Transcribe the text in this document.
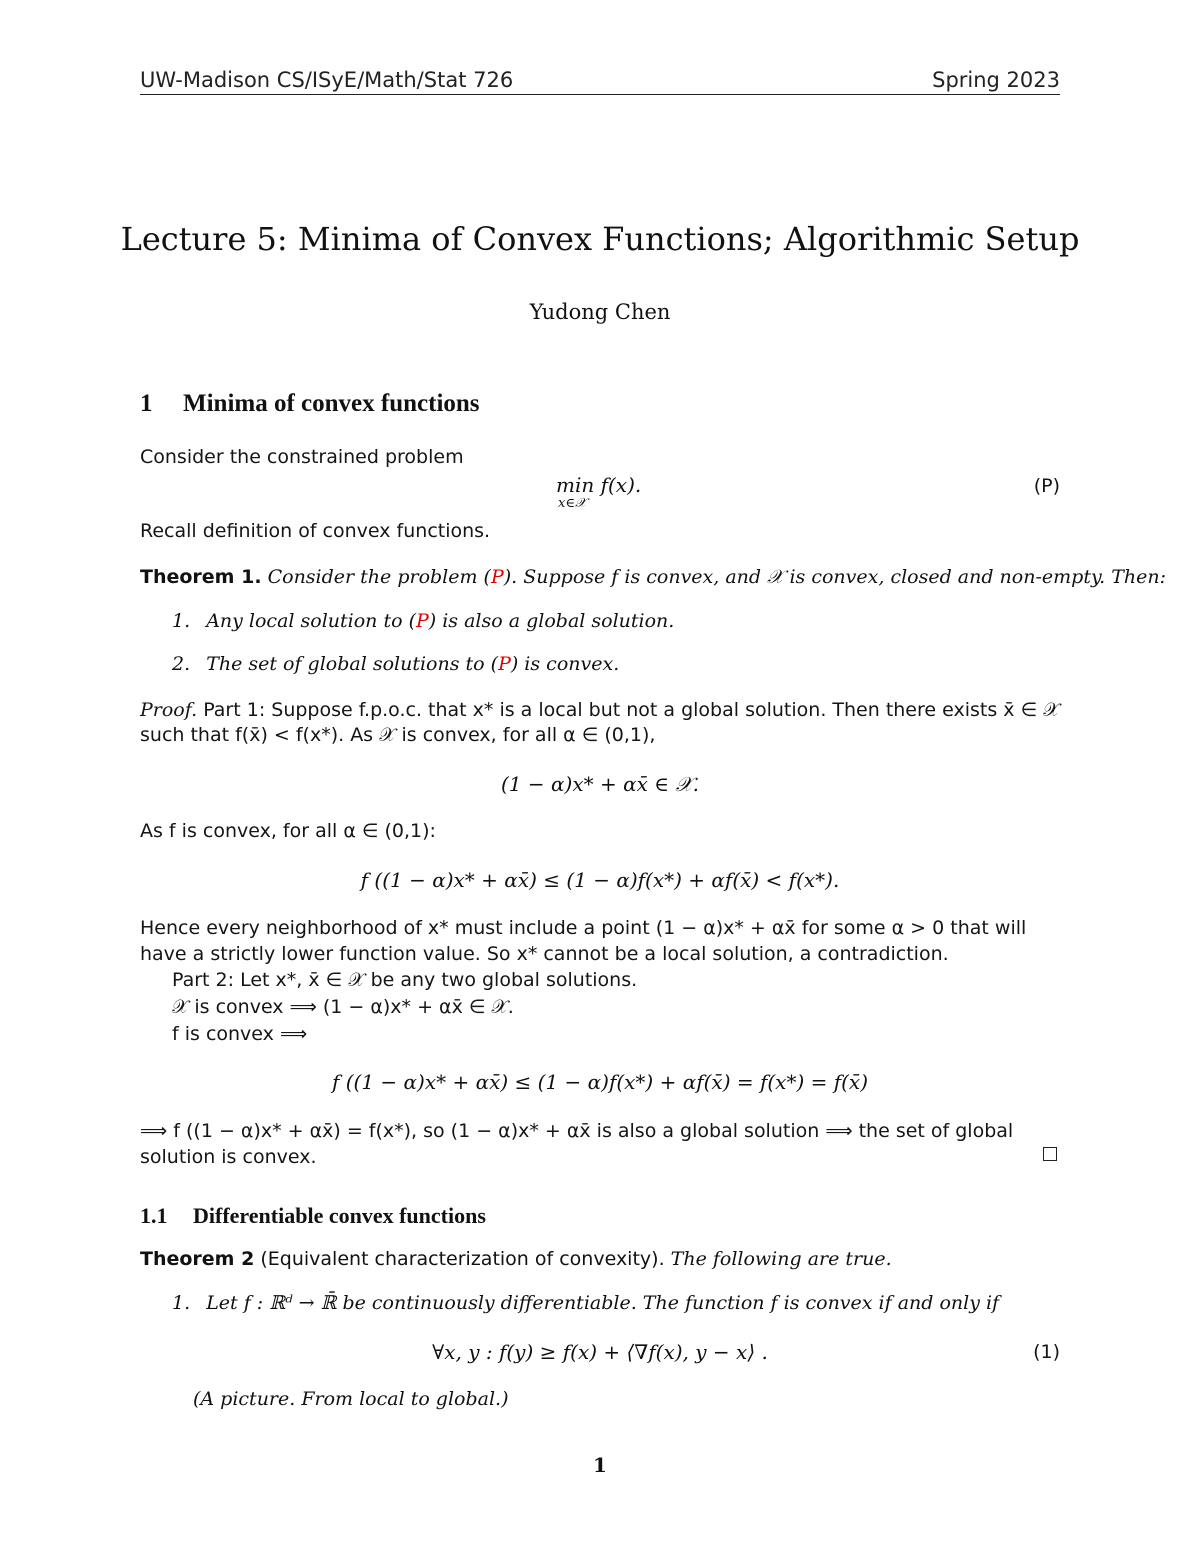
UW-Madison CS/ISyE/Math/Stat 726	Spring 2023
Lecture 5: Minima of Convex Functions; Algorithmic Setup
Yudong Chen
1 Minima of convex functions
Consider the constrained problem
min f(x).
x∈𝒳
(P)
Recall definition of convex functions.
Theorem 1. Consider the problem (P). Suppose f is convex, and 𝒳 is convex, closed and non-empty. Then:
1. Any local solution to (P) is also a global solution.
2. The set of global solutions to (P) is convex.
Proof. Part 1: Suppose f.p.o.c. that x* is a local but not a global solution. Then there exists x̄ ∈ 𝒳
such that f(x̄) < f(x*). As 𝒳 is convex, for all α ∈ (0,1),
(1 − α)x* + αx̄ ∈ 𝒳.
As f is convex, for all α ∈ (0,1):
f ((1 − α)x* + αx̄) ≤ (1 − α)f(x*) + αf(x̄) < f(x*).
Hence every neighborhood of x* must include a point (1 − α)x* + αx̄ for some α > 0 that will
have a strictly lower function value. So x* cannot be a local solution, a contradiction.
Part 2: Let x*, x̄ ∈ 𝒳 be any two global solutions.
𝒳 is convex ⟹ (1 − α)x* + αx̄ ∈ 𝒳.
f is convex ⟹
f ((1 − α)x* + αx̄) ≤ (1 − α)f(x*) + αf(x̄) = f(x*) = f(x̄)
⟹ f ((1 − α)x* + αx̄) = f(x*), so (1 − α)x* + αx̄ is also a global solution ⟹ the set of global
solution is convex.
1.1 Differentiable convex functions
Theorem 2 (Equivalent characterization of convexity). The following are true.
1. Let f : ℝᵈ → ℝ̄ be continuously differentiable. The function f is convex if and only if
∀x, y : f(y) ≥ f(x) + ⟨∇f(x), y − x⟩ .	(1)
(A picture. From local to global.)
1
